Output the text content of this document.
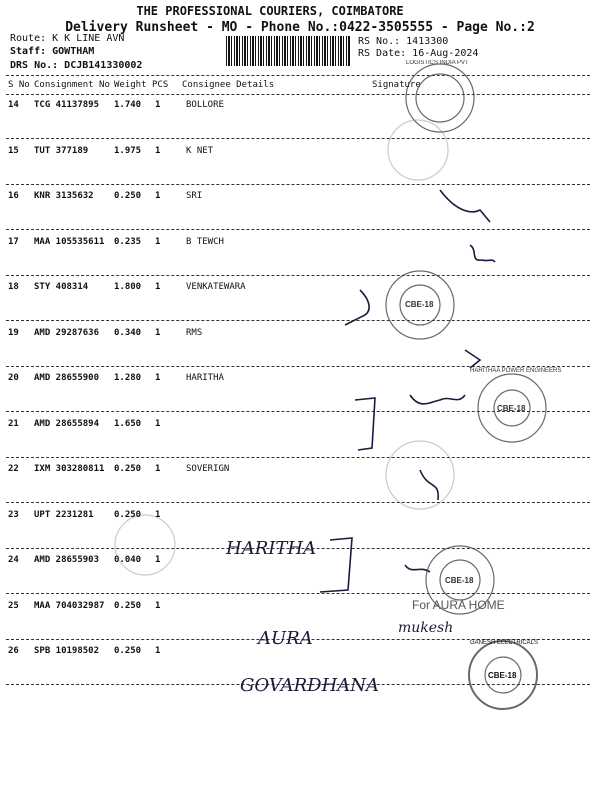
THE PROFESSIONAL COURIERS, COIMBATORE
Delivery Runsheet - MO - Phone No.:0422-3505555 - Page No.:2
Route: K K LINE AVN
Staff: GOWTHAM
DRS No.: DCJB141330002
RS No.: 1413300
RS Date: 16-Aug-2024
S No Consignment No Weight PCS Consignee Details	Signature
14 TCG 41137895 1.740 1	BOLLORE
15 TUT 377189	1.975 1	K NET
16 KNR 3135632 0.250 1	SRI
17 MAA 105535611 0.235 1	B TEWCH
18 STY 408314	1.800 1	VENKATEWARA
19 AMD 29287636 0.340 1	RMS
20 AMD 28655900 1.280 1	HARITHA
21 AMD 28655894 1.650 1
22 IXM 303280811 0.250 1	SOVERIGN
23 UPT 2231281 0.250 1
24 AMD 28655903 0.040 1
25 MAA 704032987 0.250 1
26 SPB 10198502 0.250 1
HARITHA
AURA
GOVARDHANA
mukesh
For AURA HOME
CBE-18
CBE-18
CBE-18
CBE-18
HARITHAA POWER ENGINEERS
LOGISTICS INDIA PVT
GANESH ELECTRICALS
